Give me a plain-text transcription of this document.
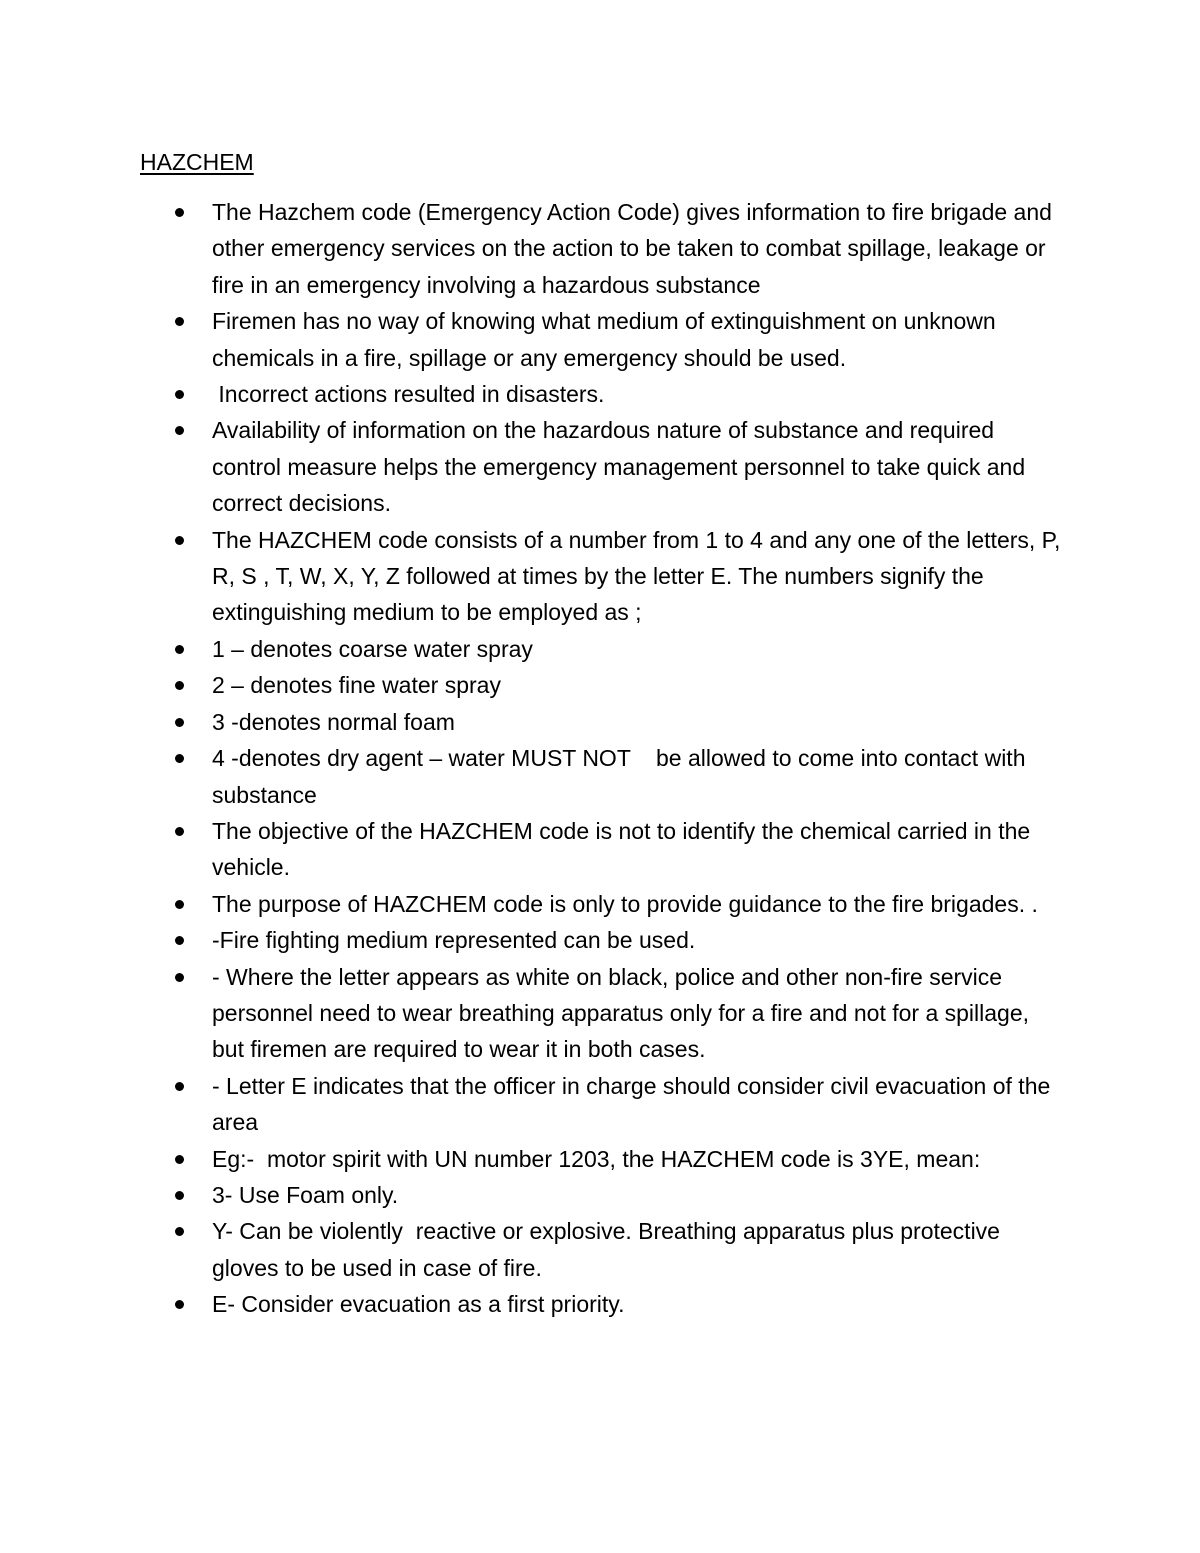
HAZCHEM
The Hazchem code (Emergency Action Code) gives information to fire brigade and other emergency services on the action to be taken to combat spillage, leakage or fire in an emergency involving a hazardous substance
Firemen has no way of knowing what medium of extinguishment on unknown chemicals in a fire, spillage or any emergency should be used.
Incorrect actions resulted in disasters.
Availability of information on the hazardous nature of substance and required control measure helps the emergency management personnel to take quick and correct decisions.
The HAZCHEM code consists of a number from 1 to 4 and any one of the letters, P, R, S , T, W, X, Y, Z followed at times by the letter E. The numbers signify the extinguishing medium to be employed as ;
1 – denotes coarse water spray
2 – denotes fine water spray
3 -denotes normal foam
4 -denotes dry agent – water MUST NOT    be allowed to come into contact with    substance
The objective of the HAZCHEM code is not to identify the chemical carried in the vehicle.
The purpose of HAZCHEM code is only to provide guidance to the fire brigades. .
-Fire fighting medium represented can be used.
- Where the letter appears as white on black, police and other non-fire service personnel need to wear breathing apparatus only for a fire and not for a spillage, but firemen are required to wear it in both cases.
- Letter E indicates that the officer in charge should consider civil evacuation of the area
Eg:-  motor spirit with UN number 1203, the HAZCHEM code is 3YE, mean:
3- Use Foam only.
Y- Can be violently  reactive or explosive. Breathing apparatus plus protective gloves to be used in case of fire.
E- Consider evacuation as a first priority.
